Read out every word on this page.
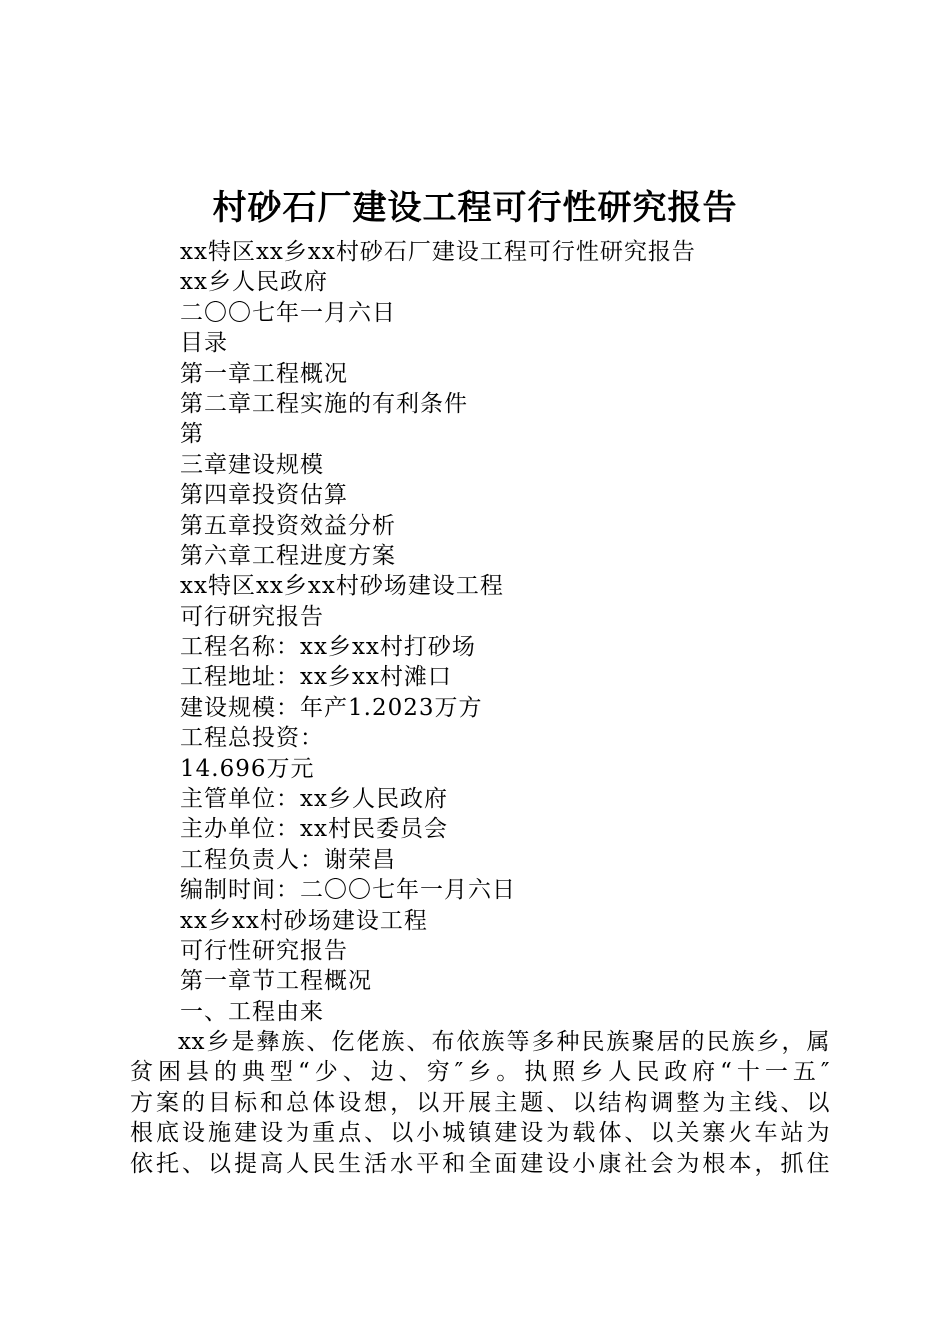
村砂石厂建设工程可行性研究报告
xx特区xx乡xx村砂石厂建设工程可行性研究报告
xx乡人民政府
二〇〇七年一月六日
目录
第一章工程概况
第二章工程实施的有利条件
第
三章建设规模
第四章投资估算
第五章投资效益分析
第六章工程进度方案
xx特区xx乡xx村砂场建设工程
可行研究报告
工程名称：xx乡xx村打砂场
工程地址：xx乡xx村滩口
建设规模：年产1.2023万方
工程总投资：
14.696万元
主管单位：xx乡人民政府
主办单位：xx村民委员会
工程负责人：谢荣昌
编制时间：二〇〇七年一月六日
xx乡xx村砂场建设工程
可行性研究报告
第一章节工程概况
一、工程由来

xx乡是彝族、仡佬族、布依族等多种民族聚居的民族乡，属
贫困县的典型“少、边、穷″乡。执照乡人民政府“十一五″
方案的目标和总体设想，以开展主题、以结构调整为主线、以
根底设施建设为重点、以小城镇建设为载体、以关寨火车站为
依托、以提高人民生活水平和全面建设小康社会为根本，抓住
